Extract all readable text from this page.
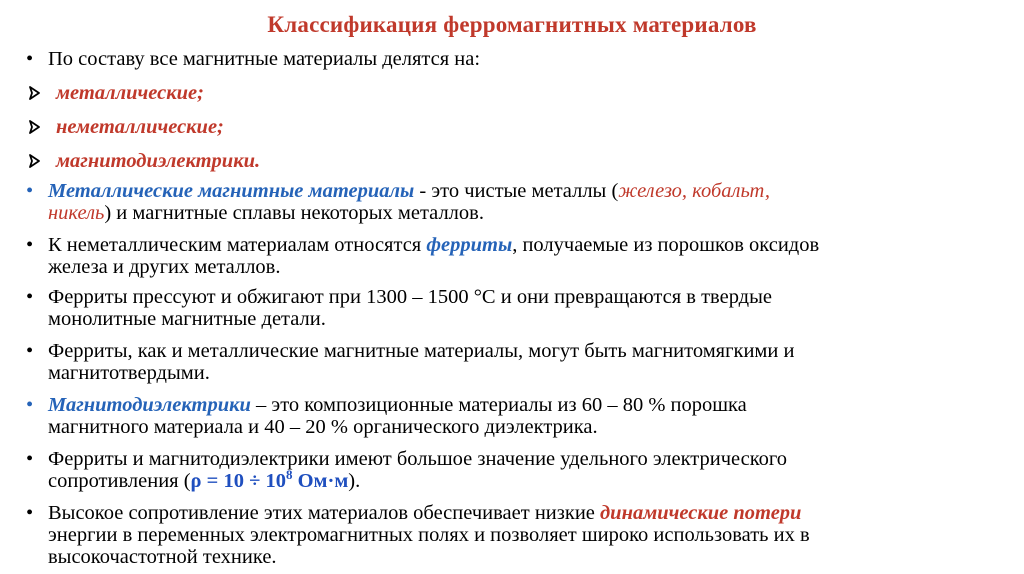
Классификация ферромагнитных материалов
• По составу все магнитные материалы делятся на:
металлические;
неметаллические;
магнитодиэлектрики.
• Металлические магнитные материалы - это чистые металлы (железо, кобальт,
никель) и магнитные сплавы некоторых металлов.
• К неметаллическим материалам относятся ферриты, получаемые из порошков оксидов
железа и других металлов.
• Ферриты прессуют и обжигают при 1300 – 1500 °С и они превращаются в твердые
монолитные магнитные детали.
• Ферриты, как и металлические магнитные материалы, могут быть магнитомягкими и
магнитотвердыми.
• Магнитодиэлектрики – это композиционные материалы из 60 – 80 % порошка
магнитного материала и 40 – 20 % органического диэлектрика.
• Ферриты и магнитодиэлектрики имеют большое значение удельного электрического
сопротивления ($\rho = 10 \div 10^8$ Ом·м).
• Высокое сопротивление этих материалов обеспечивает низкие динамические потери
энергии в переменных электромагнитных полях и позволяет широко использовать их в
высокочастотной технике.
